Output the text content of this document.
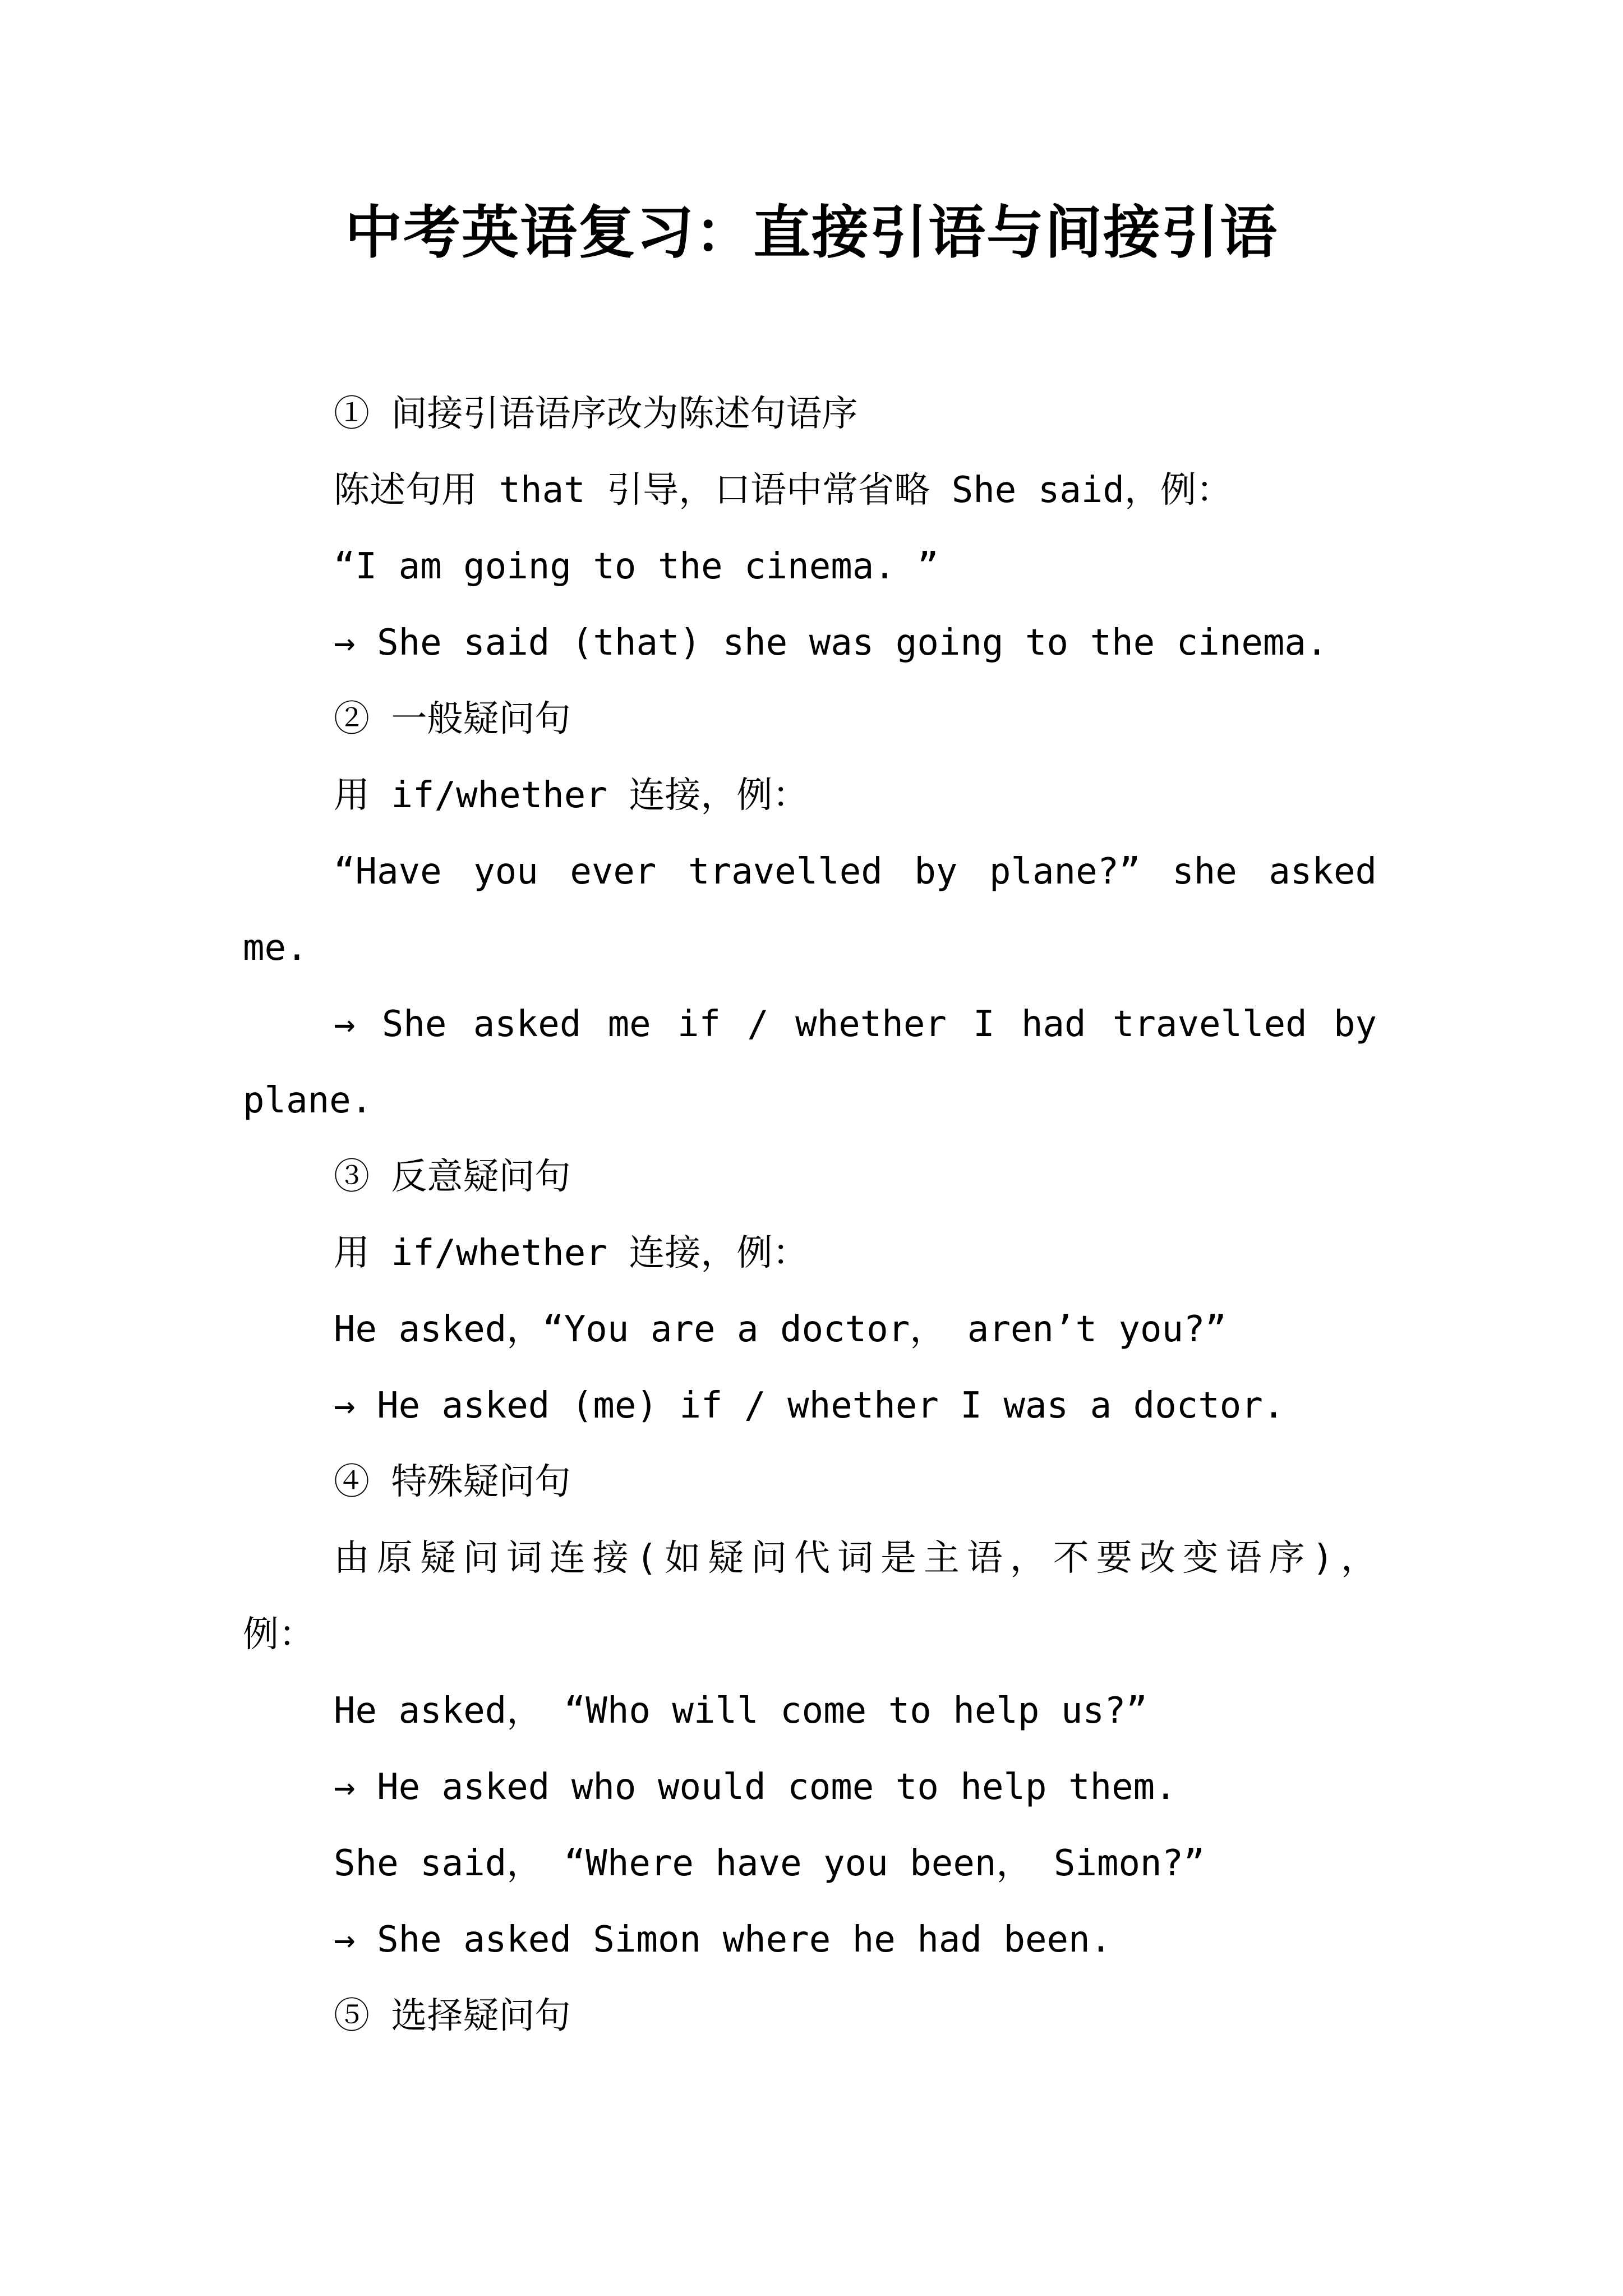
中考英语复习：直接引语与间接引语
① 间接引语语序改为陈述句语序
陈述句用 that 引导，口语中常省略 She said，例：
“I am going to the cinema. ”
→ She said (that) she was going to the cinema.
② 一般疑问句
用 if/whether 连接，例：
“Have you ever travelled by plane?” she asked
me.
→ She asked me if / whether I had travelled by
plane.
③ 反意疑问句
用 if/whether 连接，例：
He asked，“You are a doctor， aren’t you?”
→ He asked (me) if / whether I was a doctor.
④ 特殊疑问句
由原疑问词连接(如疑问代词是主语，不要改变语序)，
例：
He asked， “Who will come to help us?”
→ He asked who would come to help them.
She said， “Where have you been， Simon?”
→ She asked Simon where he had been.
⑤ 选择疑问句
